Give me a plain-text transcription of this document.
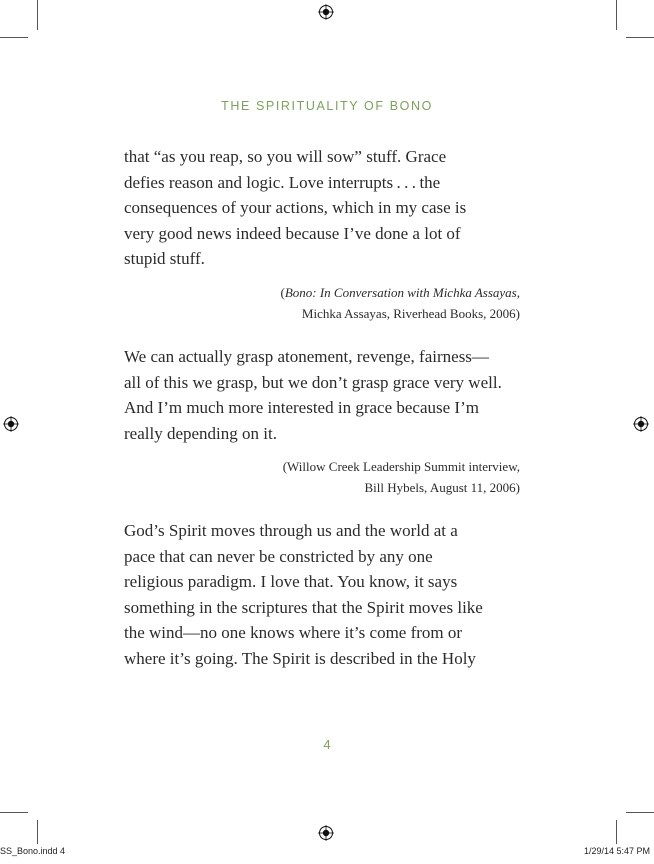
THE SPIRITUALITY OF BONO

that “as you reap, so you will sow” stuff. Grace
defies reason and logic. Love interrupts . . . the
consequences of your actions, which in my case is
very good news indeed because I’ve done a lot of
stupid stuff.

(Bono: In Conversation with Michka Assayas,
Michka Assayas, Riverhead Books, 2006)

We can actually grasp atonement, revenge, fairness—
all of this we grasp, but we don’t grasp grace very well.
And I’m much more interested in grace because I’m
really depending on it.

(Willow Creek Leadership Summit interview,
Bill Hybels, August 11, 2006)

God’s Spirit moves through us and the world at a
pace that can never be constricted by any one
religious paradigm. I love that. You know, it says
something in the scriptures that the Spirit moves like
the wind—no one knows where it’s come from or
where it’s going. The Spirit is described in the Holy

4
SS_Bono.indd 4	1/29/14 5:47 PM
